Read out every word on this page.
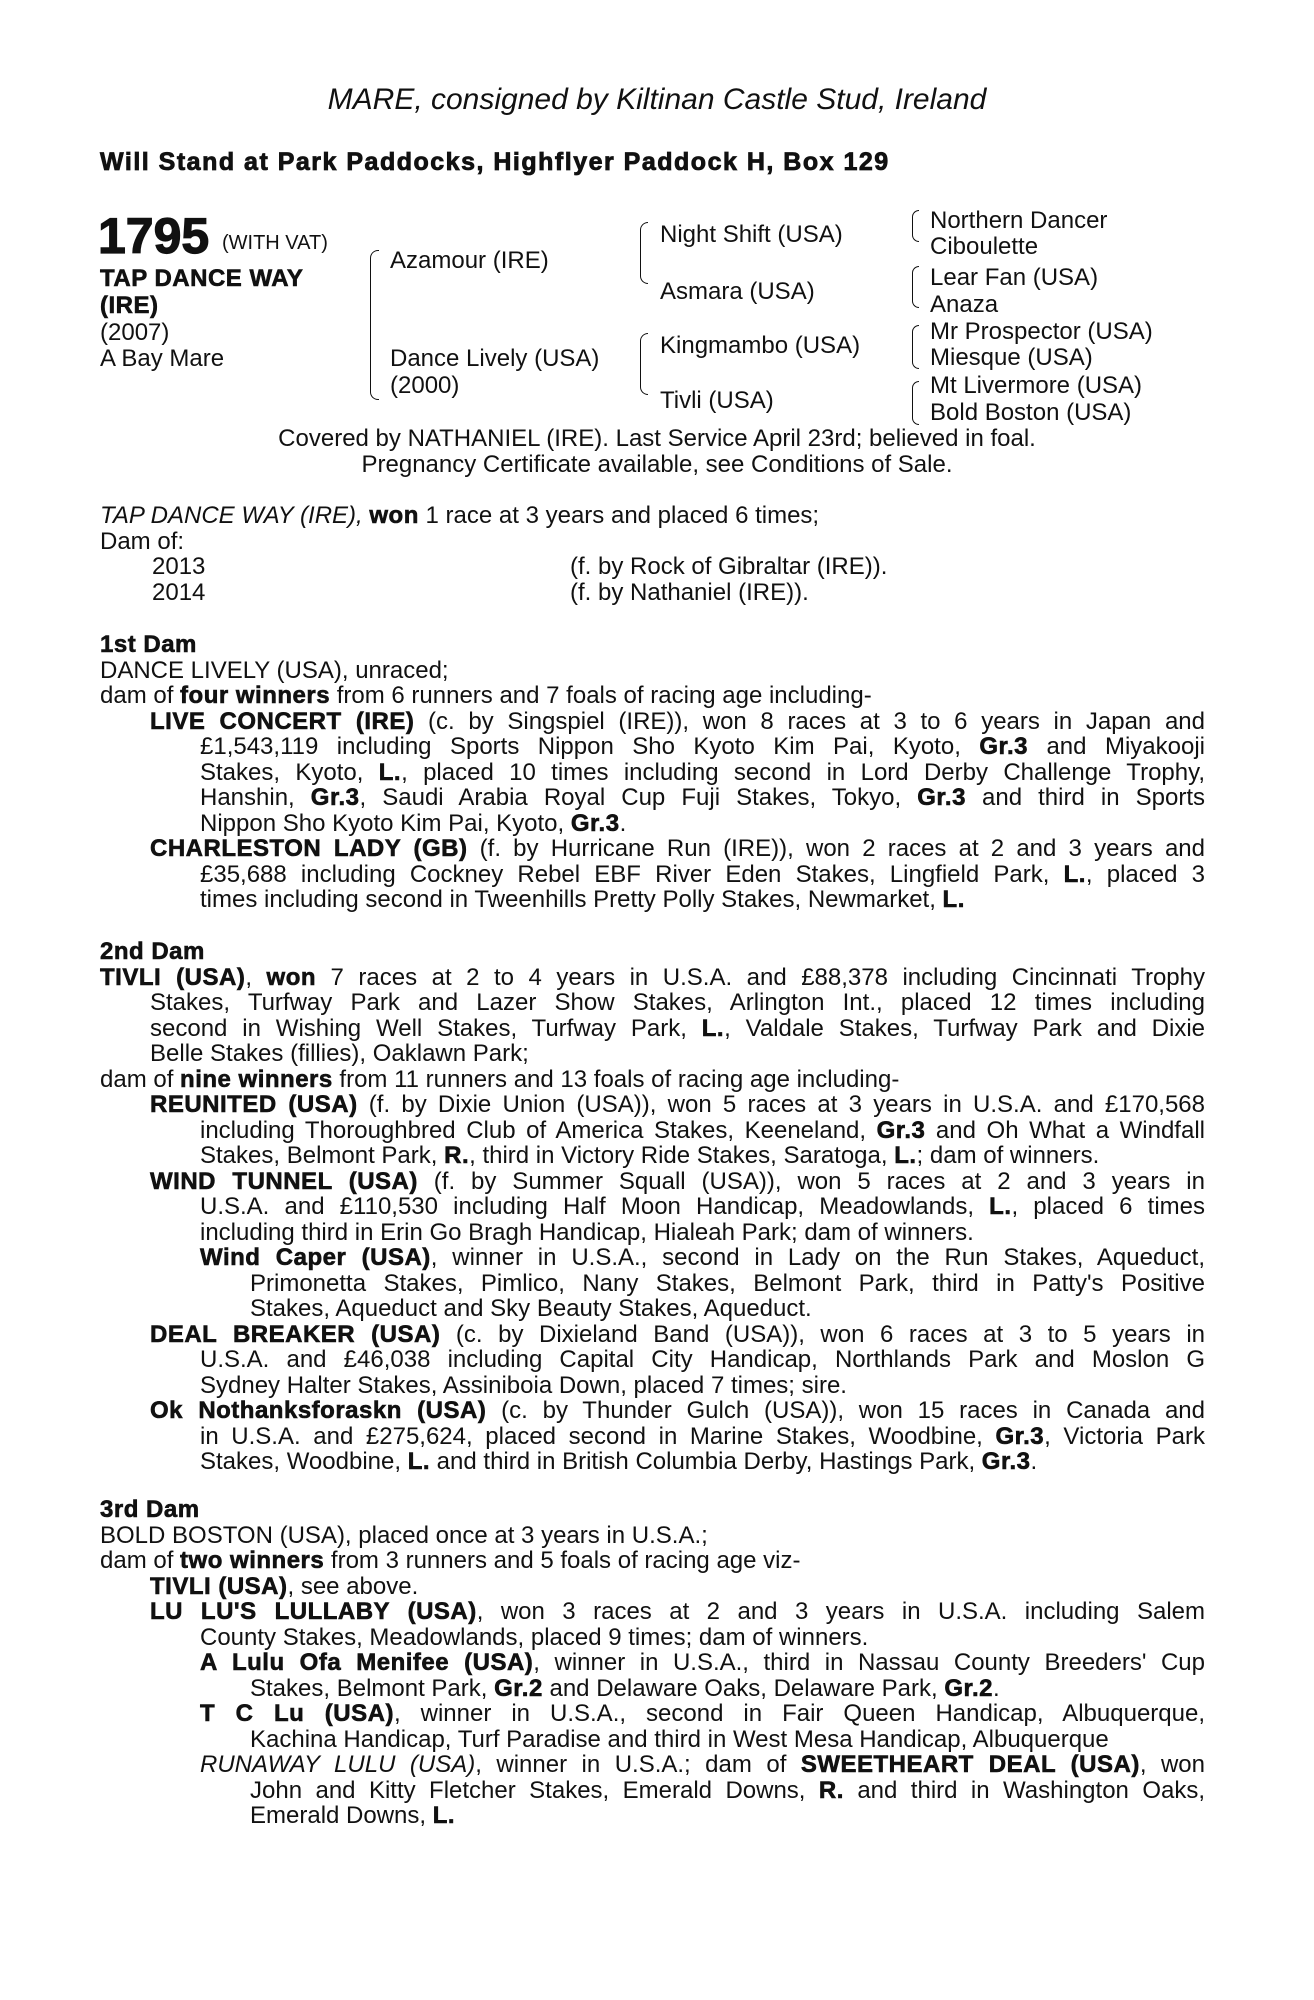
MARE, consigned by Kiltinan Castle Stud, Ireland
Will Stand at Park Paddocks, Highflyer Paddock H, Box 129
1795 (WITH VAT)
TAP DANCE WAY
(IRE)
(2007)
A Bay Mare
Azamour (IRE)
Dance Lively (USA)
(2000)
Night Shift (USA)
Asmara (USA)
Kingmambo (USA)
Tivli (USA)
Northern Dancer
Ciboulette
Lear Fan (USA)
Anaza
Mr Prospector (USA)
Miesque (USA)
Mt Livermore (USA)
Bold Boston (USA)
Covered by NATHANIEL (IRE). Last Service April 23rd; believed in foal.
Pregnancy Certificate available, see Conditions of Sale.
TAP DANCE WAY (IRE), won 1 race at 3 years and placed 6 times;
Dam of:
2013	(f. by Rock of Gibraltar (IRE)).
2014	(f. by Nathaniel (IRE)).
1st Dam
DANCE LIVELY (USA), unraced;
dam of four winners from 6 runners and 7 foals of racing age including-
LIVE CONCERT (IRE) (c. by Singspiel (IRE)), won 8 races at 3 to 6 years in Japan and
£1,543,119 including Sports Nippon Sho Kyoto Kim Pai, Kyoto, Gr.3 and Miyakooji
Stakes, Kyoto, L., placed 10 times including second in Lord Derby Challenge Trophy,
Hanshin, Gr.3, Saudi Arabia Royal Cup Fuji Stakes, Tokyo, Gr.3 and third in Sports
Nippon Sho Kyoto Kim Pai, Kyoto, Gr.3.
CHARLESTON LADY (GB) (f. by Hurricane Run (IRE)), won 2 races at 2 and 3 years and
£35,688 including Cockney Rebel EBF River Eden Stakes, Lingfield Park, L., placed 3
times including second in Tweenhills Pretty Polly Stakes, Newmarket, L.
2nd Dam
TIVLI (USA), won 7 races at 2 to 4 years in U.S.A. and £88,378 including Cincinnati Trophy
Stakes, Turfway Park and Lazer Show Stakes, Arlington Int., placed 12 times including
second in Wishing Well Stakes, Turfway Park, L., Valdale Stakes, Turfway Park and Dixie
Belle Stakes (fillies), Oaklawn Park;
dam of nine winners from 11 runners and 13 foals of racing age including-
REUNITED (USA) (f. by Dixie Union (USA)), won 5 races at 3 years in U.S.A. and £170,568
including Thoroughbred Club of America Stakes, Keeneland, Gr.3 and Oh What a Windfall
Stakes, Belmont Park, R., third in Victory Ride Stakes, Saratoga, L.; dam of winners.
WIND TUNNEL (USA) (f. by Summer Squall (USA)), won 5 races at 2 and 3 years in
U.S.A. and £110,530 including Half Moon Handicap, Meadowlands, L., placed 6 times
including third in Erin Go Bragh Handicap, Hialeah Park; dam of winners.
Wind Caper (USA), winner in U.S.A., second in Lady on the Run Stakes, Aqueduct,
Primonetta Stakes, Pimlico, Nany Stakes, Belmont Park, third in Patty's Positive
Stakes, Aqueduct and Sky Beauty Stakes, Aqueduct.
DEAL BREAKER (USA) (c. by Dixieland Band (USA)), won 6 races at 3 to 5 years in
U.S.A. and £46,038 including Capital City Handicap, Northlands Park and Moslon G
Sydney Halter Stakes, Assiniboia Down, placed 7 times; sire.
Ok Nothanksforaskn (USA) (c. by Thunder Gulch (USA)), won 15 races in Canada and
in U.S.A. and £275,624, placed second in Marine Stakes, Woodbine, Gr.3, Victoria Park
Stakes, Woodbine, L. and third in British Columbia Derby, Hastings Park, Gr.3.
3rd Dam
BOLD BOSTON (USA), placed once at 3 years in U.S.A.;
dam of two winners from 3 runners and 5 foals of racing age viz-
TIVLI (USA), see above.
LU LU'S LULLABY (USA), won 3 races at 2 and 3 years in U.S.A. including Salem
County Stakes, Meadowlands, placed 9 times; dam of winners.
A Lulu Ofa Menifee (USA), winner in U.S.A., third in Nassau County Breeders' Cup
Stakes, Belmont Park, Gr.2 and Delaware Oaks, Delaware Park, Gr.2.
T C Lu (USA), winner in U.S.A., second in Fair Queen Handicap, Albuquerque,
Kachina Handicap, Turf Paradise and third in West Mesa Handicap, Albuquerque
RUNAWAY LULU (USA), winner in U.S.A.; dam of SWEETHEART DEAL (USA), won
John and Kitty Fletcher Stakes, Emerald Downs, R. and third in Washington Oaks,
Emerald Downs, L.
